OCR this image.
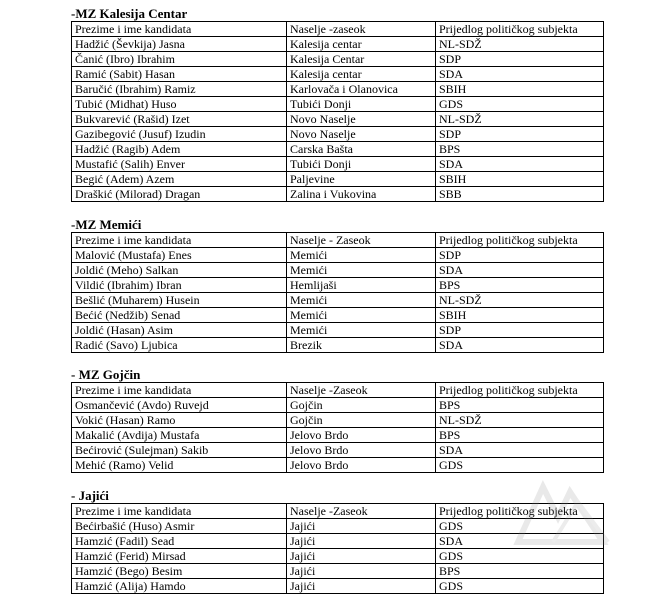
-MZ Kalesija Centar
Prezime i ime kandidata	Naselje -zaseok	Prijedlog političkog subjekta
Hadžić (Ševkija) Jasna	Kalesija centar	NL-SDŽ
Čanić (Ibro) Ibrahim	Kalesija Centar	SDP
Ramić (Sabit) Hasan	Kalesija centar	SDA
Baručić (Ibrahim) Ramiz	Karlovača i Olanovica	SBIH
Tubić (Midhat) Huso	Tubići Donji	GDS
Bukvarević (Rašid) Izet	Novo Naselje	NL-SDŽ
Gazibegović (Jusuf) Izudin	Novo Naselje	SDP
Hadžić (Ragib) Adem	Carska Bašta	BPS
Mustafić (Salih) Enver	Tubići Donji	SDA
Begić (Adem) Azem	Paljevine	SBIH
Draškić (Milorad) Dragan	Zalina i Vukovina	SBB
-MZ Memići
Prezime i ime kandidata	Naselje - Zaseok	Prijedlog političkog subjekta
Malović (Mustafa) Enes	Memići	SDP
Joldić (Meho) Salkan	Memići	SDA
Vildić (Ibrahim) Ibran	Hemlijaši	BPS
Bešlić (Muharem) Husein	Memići	NL-SDŽ
Bećić (Nedžib) Senad	Memići	SBIH
Joldić (Hasan) Asim	Memići	SDP
Radić (Savo) Ljubica	Brezik	SDA
- MZ Gojčin
Prezime i ime kandidata	Naselje -Zaseok	Prijedlog političkog subjekta
Osmančević (Avdo) Ruvejd	Gojčin	BPS
Vokić (Hasan) Ramo	Gojčin	NL-SDŽ
Makalić (Avdija) Mustafa	Jelovo Brdo	BPS
Bećirović (Sulejman) Sakib	Jelovo Brdo	SDA
Mehić (Ramo) Velid	Jelovo Brdo	GDS
- Jajići
Prezime i ime kandidata	Naselje -Zaseok	Prijedlog političkog subjekta
Bećirbašić (Huso) Asmir	Jajići	GDS
Hamzić (Fadil) Sead	Jajići	SDA
Hamzić (Ferid) Mirsad	Jajići	GDS
Hamzić (Bego) Besim	Jajići	BPS
Hamzić (Alija) Hamdo	Jajići	GDS
